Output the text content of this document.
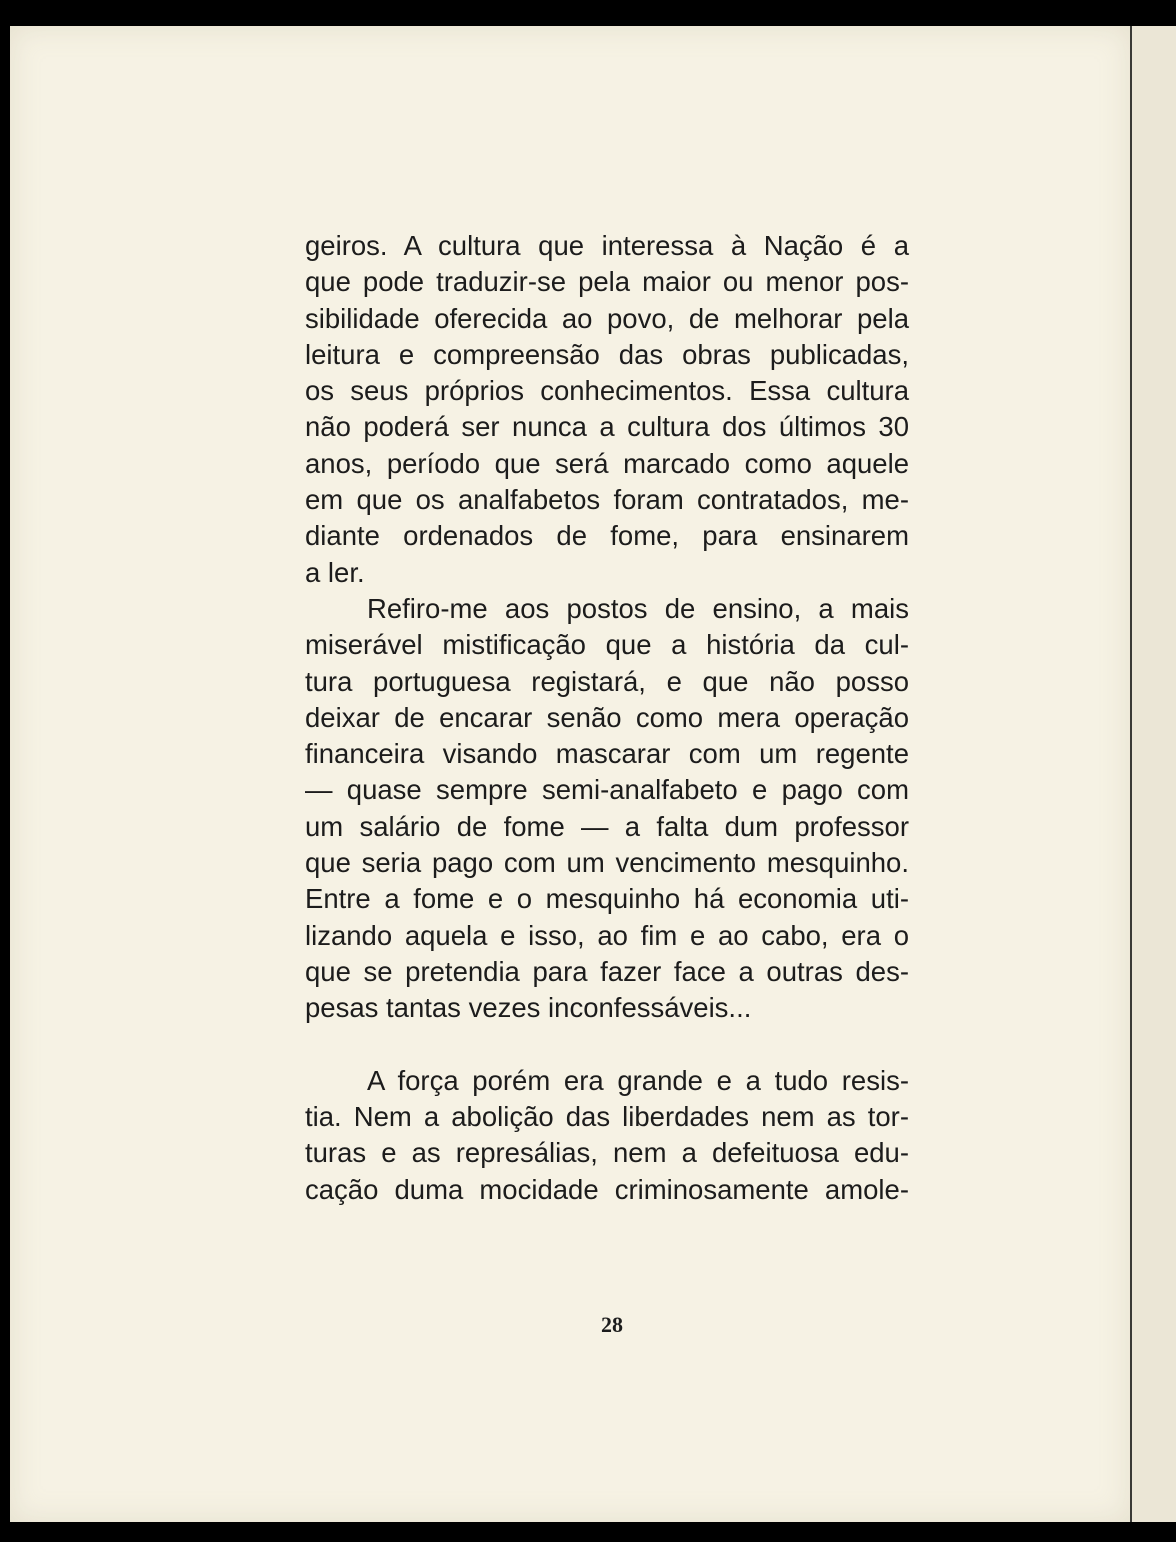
geiros. A cultura que interessa à Nação é a
que pode traduzir-se pela maior ou menor pos-
sibilidade oferecida ao povo, de melhorar pela
leitura e compreensão das obras publicadas,
os seus próprios conhecimentos. Essa cultura
não poderá ser nunca a cultura dos últimos 30
anos, período que será marcado como aquele
em que os analfabetos foram contratados, me-
diante ordenados de fome, para ensinarem
a ler.
Refiro-me aos postos de ensino, a mais
miserável mistificação que a história da cul-
tura portuguesa registará, e que não posso
deixar de encarar senão como mera operação
financeira visando mascarar com um regente
— quase sempre semi-analfabeto e pago com
um salário de fome — a falta dum professor
que seria pago com um vencimento mesquinho.
Entre a fome e o mesquinho há economia uti-
lizando aquela e isso, ao fim e ao cabo, era o
que se pretendia para fazer face a outras des-
pesas tantas vezes inconfessáveis...
A força porém era grande e a tudo resis-
tia. Nem a abolição das liberdades nem as tor-
turas e as represálias, nem a defeituosa edu-
cação duma mocidade criminosamente amole-
28
